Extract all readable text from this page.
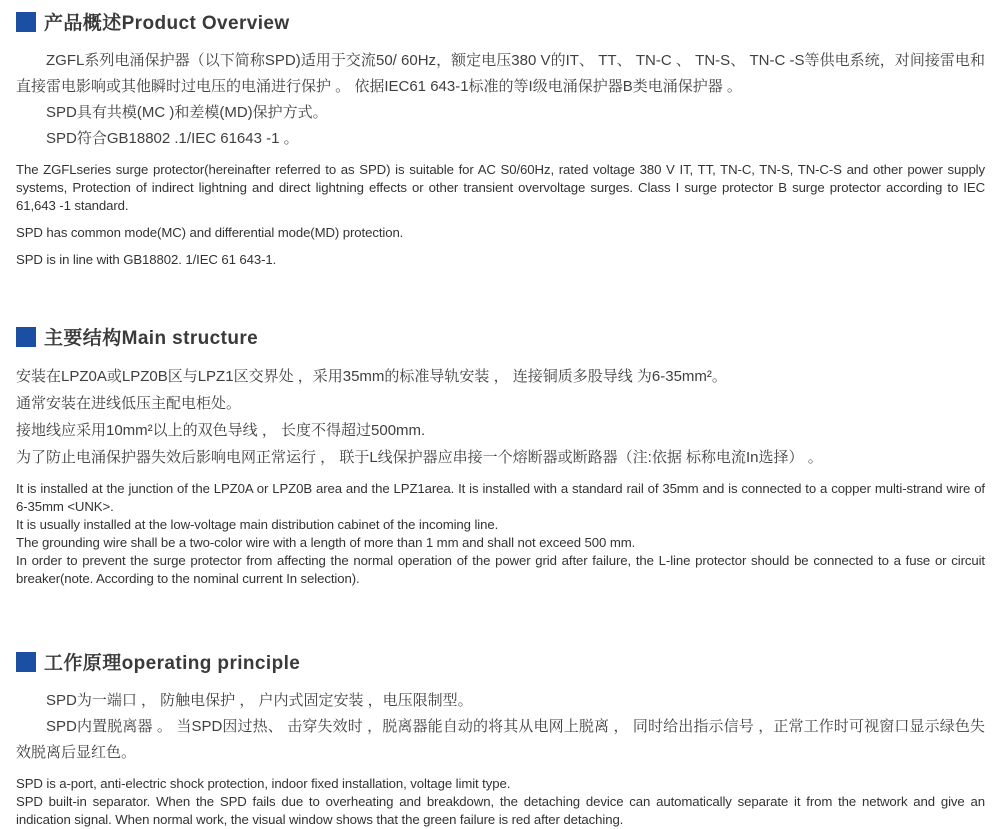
产品概述Product Overview

ZGFL系列电涌保护器（以下简称SPD)适用于交流50/ 60Hz，额定电压380 V的IT、 TT、 TN-C 、 TN-S、 TN-C -S等供电系统，对间接雷电和直接雷电影响或其他瞬时过电压的电涌进行保护 。 依据IEC61 643-1标准的等I级电涌保护器B类电涌保护器 。

SPD具有共模(MC )和差模(MD)保护方式。

SPD符合GB18802 .1/IEC 61643 -1 。

The ZGFLseries surge protector(hereinafter referred to as SPD) is suitable for AC S0/60Hz, rated voltage 380 V IT, TT, TN-C, TN-S, TN-C-S and other power supply systems, Protection of indirect lightning and direct lightning effects or other transient overvoltage surges. Class I surge protector B surge protector according to IEC 61,643 -1 standard.

SPD has common mode(MC) and differential mode(MD) protection.

SPD is in line with GB18802. 1/IEC 61 643-1.

主要结构Main structure

安装在LPZ0A或LPZ0B区与LPZ1区交界处 ，采用35mm的标准导轨安装 ， 连接铜质多股导线 为6-35mm²。

通常安装在进线低压主配电柜处。

接地线应采用10mm²以上的双色导线 ， 长度不得超过500mm.

为了防止电涌保护器失效后影响电网正常运行 ， 联于L线保护器应串接一个熔断器或断路器（注:依据 标称电流In选择） 。

It is installed at the junction of the LPZ0A or LPZ0B area and the LPZ1area. It is installed with a standard rail of 35mm and is connected to a copper multi-strand wire of 6-35mm <UNK>.

It is usually installed at the low-voltage main distribution cabinet of the incoming line.

The grounding wire shall be a two-color wire with a length of more than 1 mm and shall not exceed 500 mm.

In order to prevent the surge protector from affecting the normal operation of the power grid after failure, the L-line protector should be connected to a fuse or circuit breaker(note. According to the nominal current In selection).

工作原理operating principle

SPD为一端口 ， 防触电保护 ， 户内式固定安装 ，电压限制型。

SPD内置脱离器 。 当SPD因过热、 击穿失效时 ，脱离器能自动的将其从电网上脱离 ， 同时给出指示信号 ，正常工作时可视窗口显示绿色失效脱离后显红色。

SPD is a-port, anti-electric shock protection, indoor fixed installation, voltage limit type.

SPD built-in separator. When the SPD fails due to overheating and breakdown, the detaching device can automatically separate it from the network and give an indication signal. When normal work, the visual window shows that the green failure is red after detaching.
